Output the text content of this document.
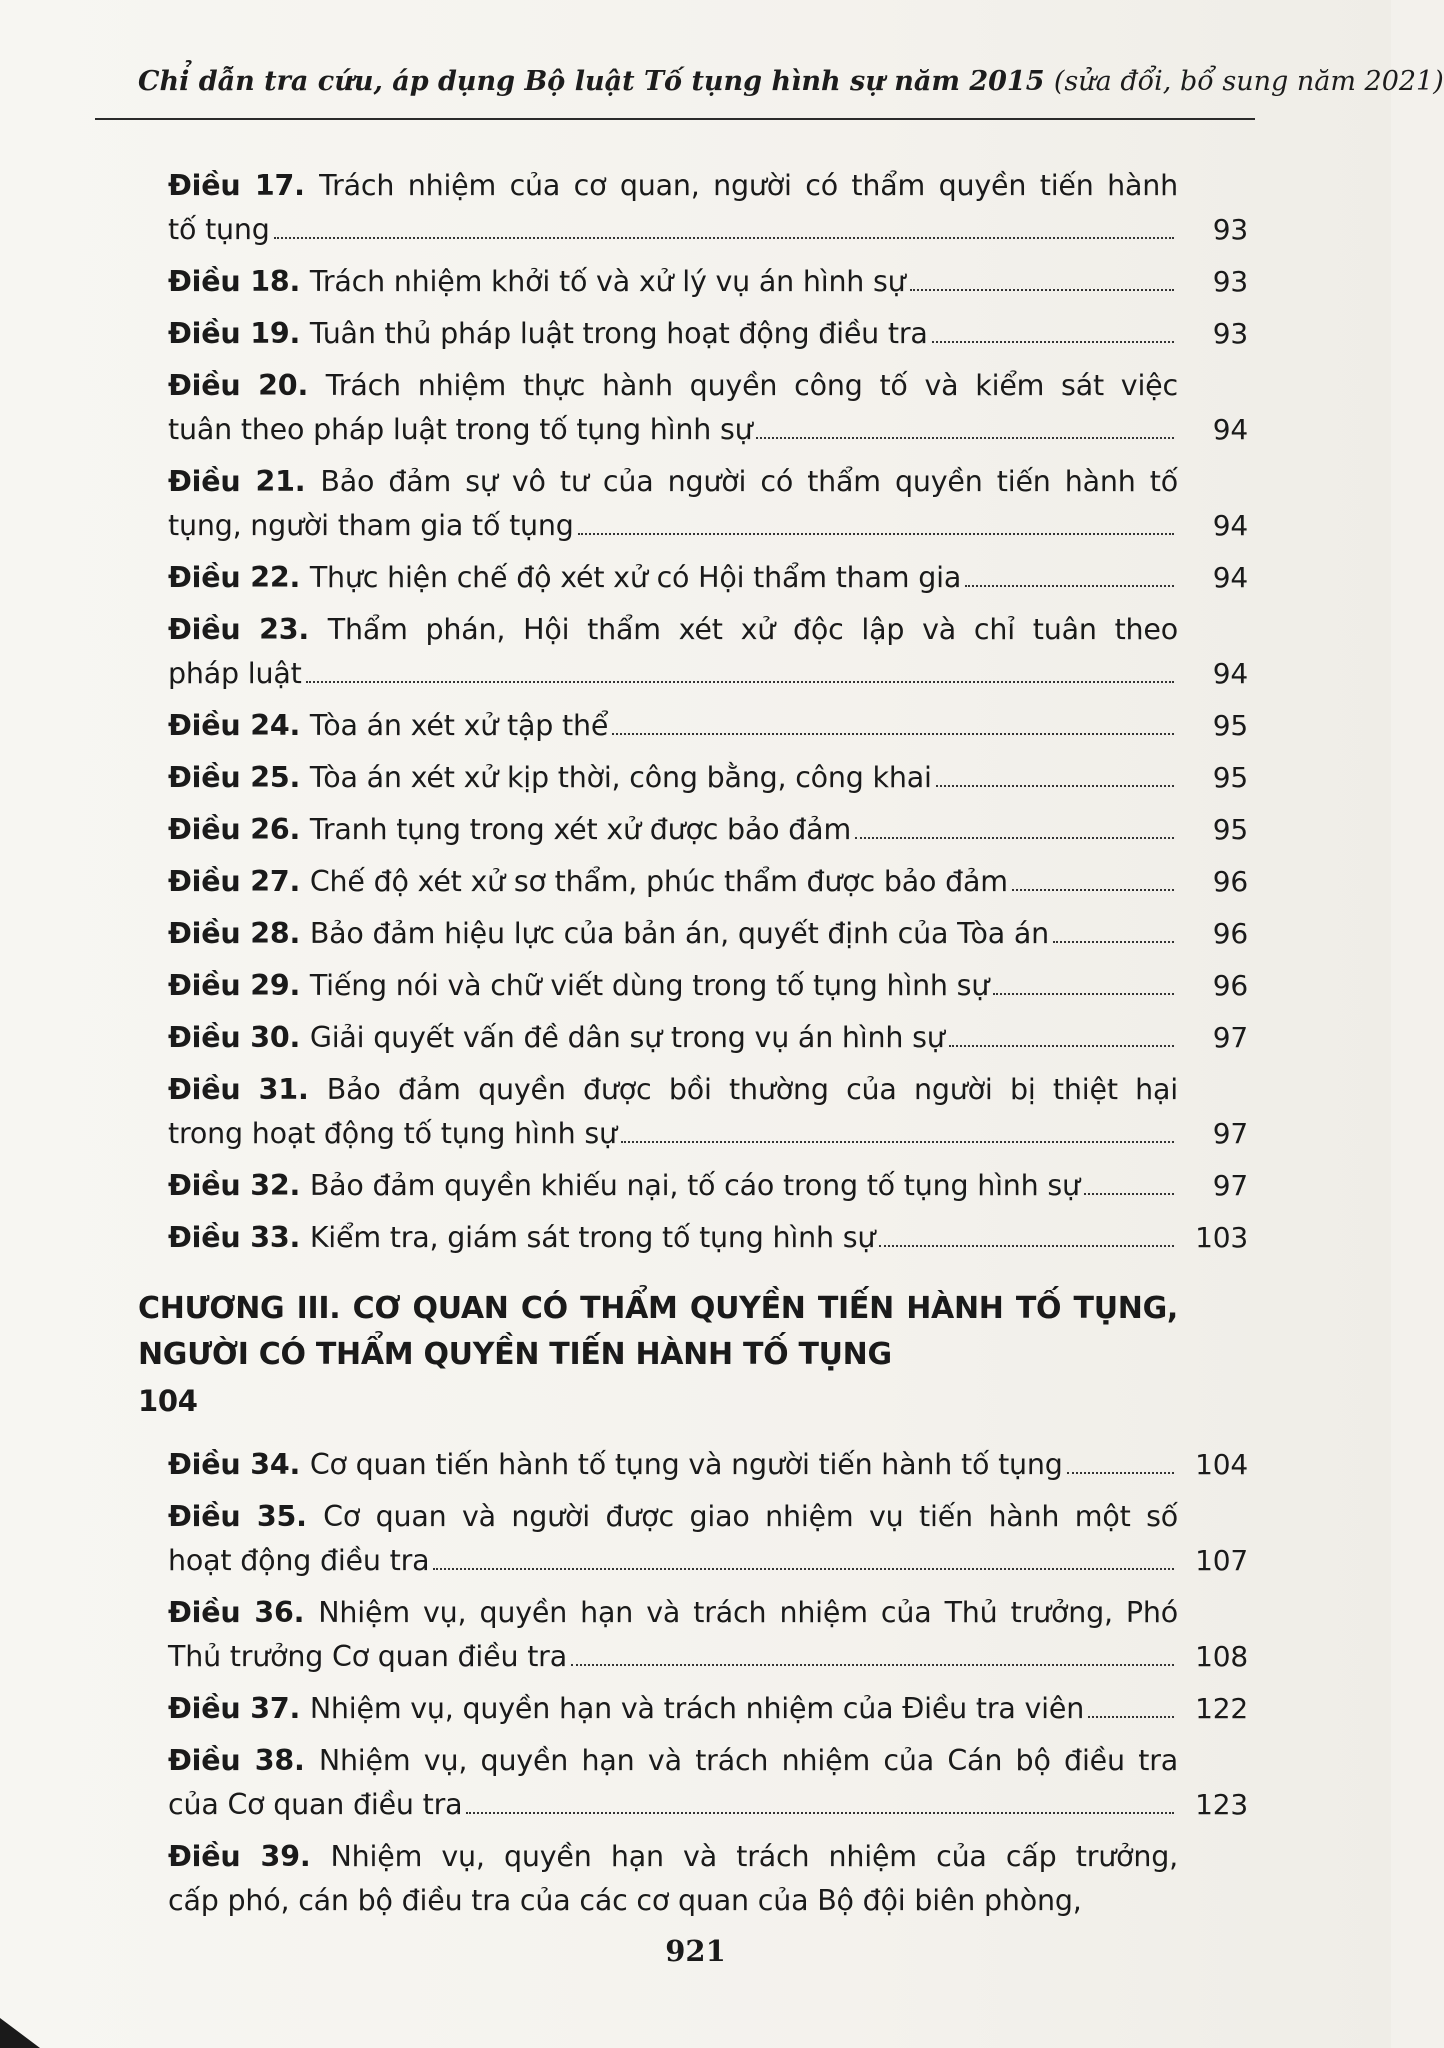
Chỉ dẫn tra cứu, áp dụng Bộ luật Tố tụng hình sự năm 2015 (sửa đổi, bổ sung năm 2021)
Điều 17. Trách nhiệm của cơ quan, người có thẩm quyền tiến hành
tố tụng	93
Điều 18. Trách nhiệm khởi tố và xử lý vụ án hình sự	93
Điều 19. Tuân thủ pháp luật trong hoạt động điều tra	93
Điều 20. Trách nhiệm thực hành quyền công tố và kiểm sát việc
tuân theo pháp luật trong tố tụng hình sự	94
Điều 21. Bảo đảm sự vô tư của người có thẩm quyền tiến hành tố
tụng, người tham gia tố tụng	94
Điều 22. Thực hiện chế độ xét xử có Hội thẩm tham gia	94
Điều 23. Thẩm phán, Hội thẩm xét xử độc lập và chỉ tuân theo
pháp luật	94
Điều 24. Tòa án xét xử tập thể	95
Điều 25. Tòa án xét xử kịp thời, công bằng, công khai	95
Điều 26. Tranh tụng trong xét xử được bảo đảm	95
Điều 27. Chế độ xét xử sơ thẩm, phúc thẩm được bảo đảm	96
Điều 28. Bảo đảm hiệu lực của bản án, quyết định của Tòa án	96
Điều 29. Tiếng nói và chữ viết dùng trong tố tụng hình sự	96
Điều 30. Giải quyết vấn đề dân sự trong vụ án hình sự	97
Điều 31. Bảo đảm quyền được bồi thường của người bị thiệt hại
trong hoạt động tố tụng hình sự	97
Điều 32. Bảo đảm quyền khiếu nại, tố cáo trong tố tụng hình sự	97
Điều 33. Kiểm tra, giám sát trong tố tụng hình sự	103
CHƯƠNG III. CƠ QUAN CÓ THẨM QUYỀN TIẾN HÀNH TỐ TỤNG,
NGƯỜI CÓ THẨM QUYỀN TIẾN HÀNH TỐ TỤNG
104
Điều 34. Cơ quan tiến hành tố tụng và người tiến hành tố tụng	104
Điều 35. Cơ quan và người được giao nhiệm vụ tiến hành một số
hoạt động điều tra	107
Điều 36. Nhiệm vụ, quyền hạn và trách nhiệm của Thủ trưởng, Phó
Thủ trưởng Cơ quan điều tra	108
Điều 37. Nhiệm vụ, quyền hạn và trách nhiệm của Điều tra viên	122
Điều 38. Nhiệm vụ, quyền hạn và trách nhiệm của Cán bộ điều tra
của Cơ quan điều tra	123
Điều 39. Nhiệm vụ, quyền hạn và trách nhiệm của cấp trưởng,
cấp phó, cán bộ điều tra của các cơ quan của Bộ đội biên phòng,
921
